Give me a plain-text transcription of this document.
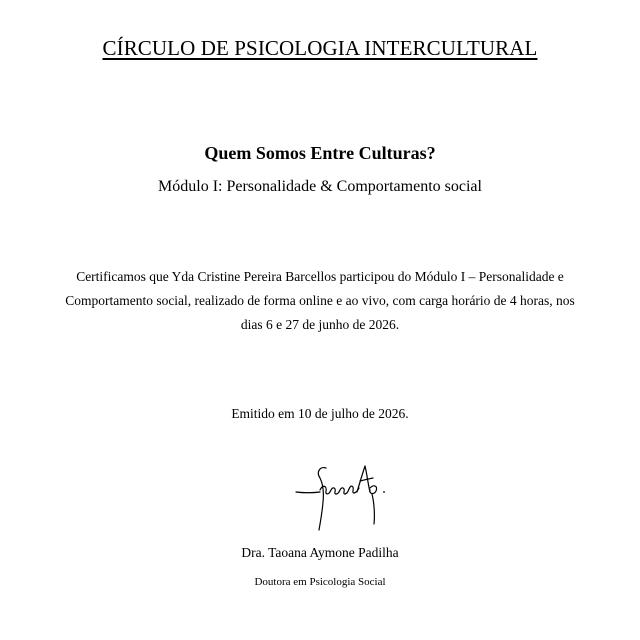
CÍRCULO DE PSICOLOGIA INTERCULTURAL
Quem Somos Entre Culturas?
Módulo I: Personalidade & Comportamento social
Certificamos que Yda Cristine Pereira Barcellos participou do Módulo I – Personalidade e Comportamento social, realizado de forma online e ao vivo, com carga horário de 4 horas, nos dias 6 e 27 de junho de 2026.
Emitido em 10 de julho de 2026.
Dra. Taoana Aymone Padilha
Doutora em Psicologia Social
